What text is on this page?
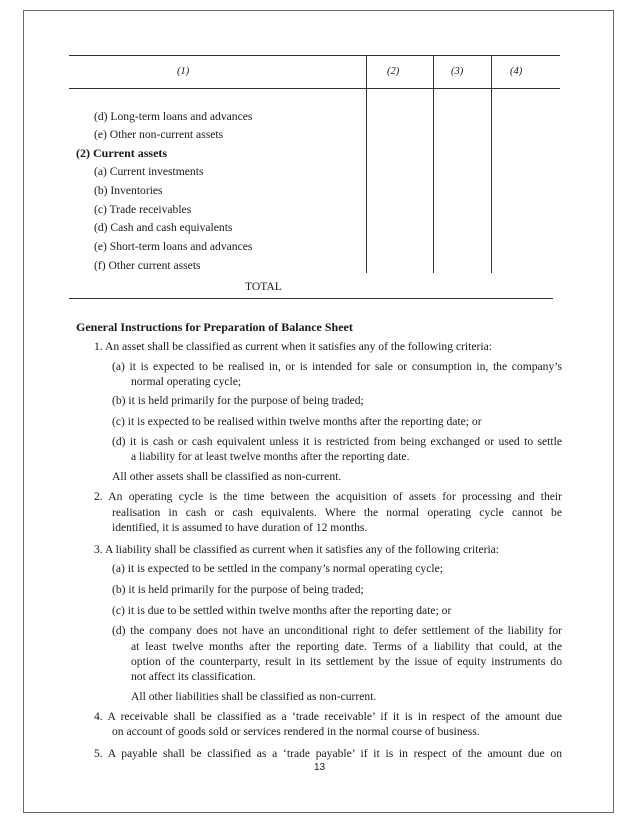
(1)	(2)	(3)	(4)
(d) Long-term loans and advances
(e) Other non-current assets
(2) Current assets
(a) Current investments
(b) Inventories
(c) Trade receivables
(d) Cash and cash equivalents
(e) Short-term loans and advances
(f) Other current assets
TOTAL
General Instructions for Preparation of Balance Sheet
1. An asset shall be classified as current when it satisfies any of the following criteria:
(a) it is expected to be realised in, or is intended for sale or consumption in, the company’s
normal operating cycle;
(b) it is held primarily for the purpose of being traded;
(c) it is expected to be realised within twelve months after the reporting date; or
(d) it is cash or cash equivalent unless it is restricted from being exchanged or used to settle
a liability for at least twelve months after the reporting date.
All other assets shall be classified as non-current.
2. An operating cycle is the time between the acquisition of assets for processing and their
realisation in cash or cash equivalents. Where the normal operating cycle cannot be
identified, it is assumed to have duration of 12 months.
3. A liability shall be classified as current when it satisfies any of the following criteria:
(a) it is expected to be settled in the company’s normal operating cycle;
(b) it is held primarily for the purpose of being traded;
(c) it is due to be settled within twelve months after the reporting date; or
(d) the company does not have an unconditional right to defer settlement of the liability for
at least twelve months after the reporting date. Terms of a liability that could, at the
option of the counterparty, result in its settlement by the issue of equity instruments do
not affect its classification.
All other liabilities shall be classified as non-current.
4. A receivable shall be classified as a ‘trade receivable’ if it is in respect of the amount due
on account of goods sold or services rendered in the normal course of business.
5. A payable shall be classified as a ‘trade payable’ if it is in respect of the amount due on
13
